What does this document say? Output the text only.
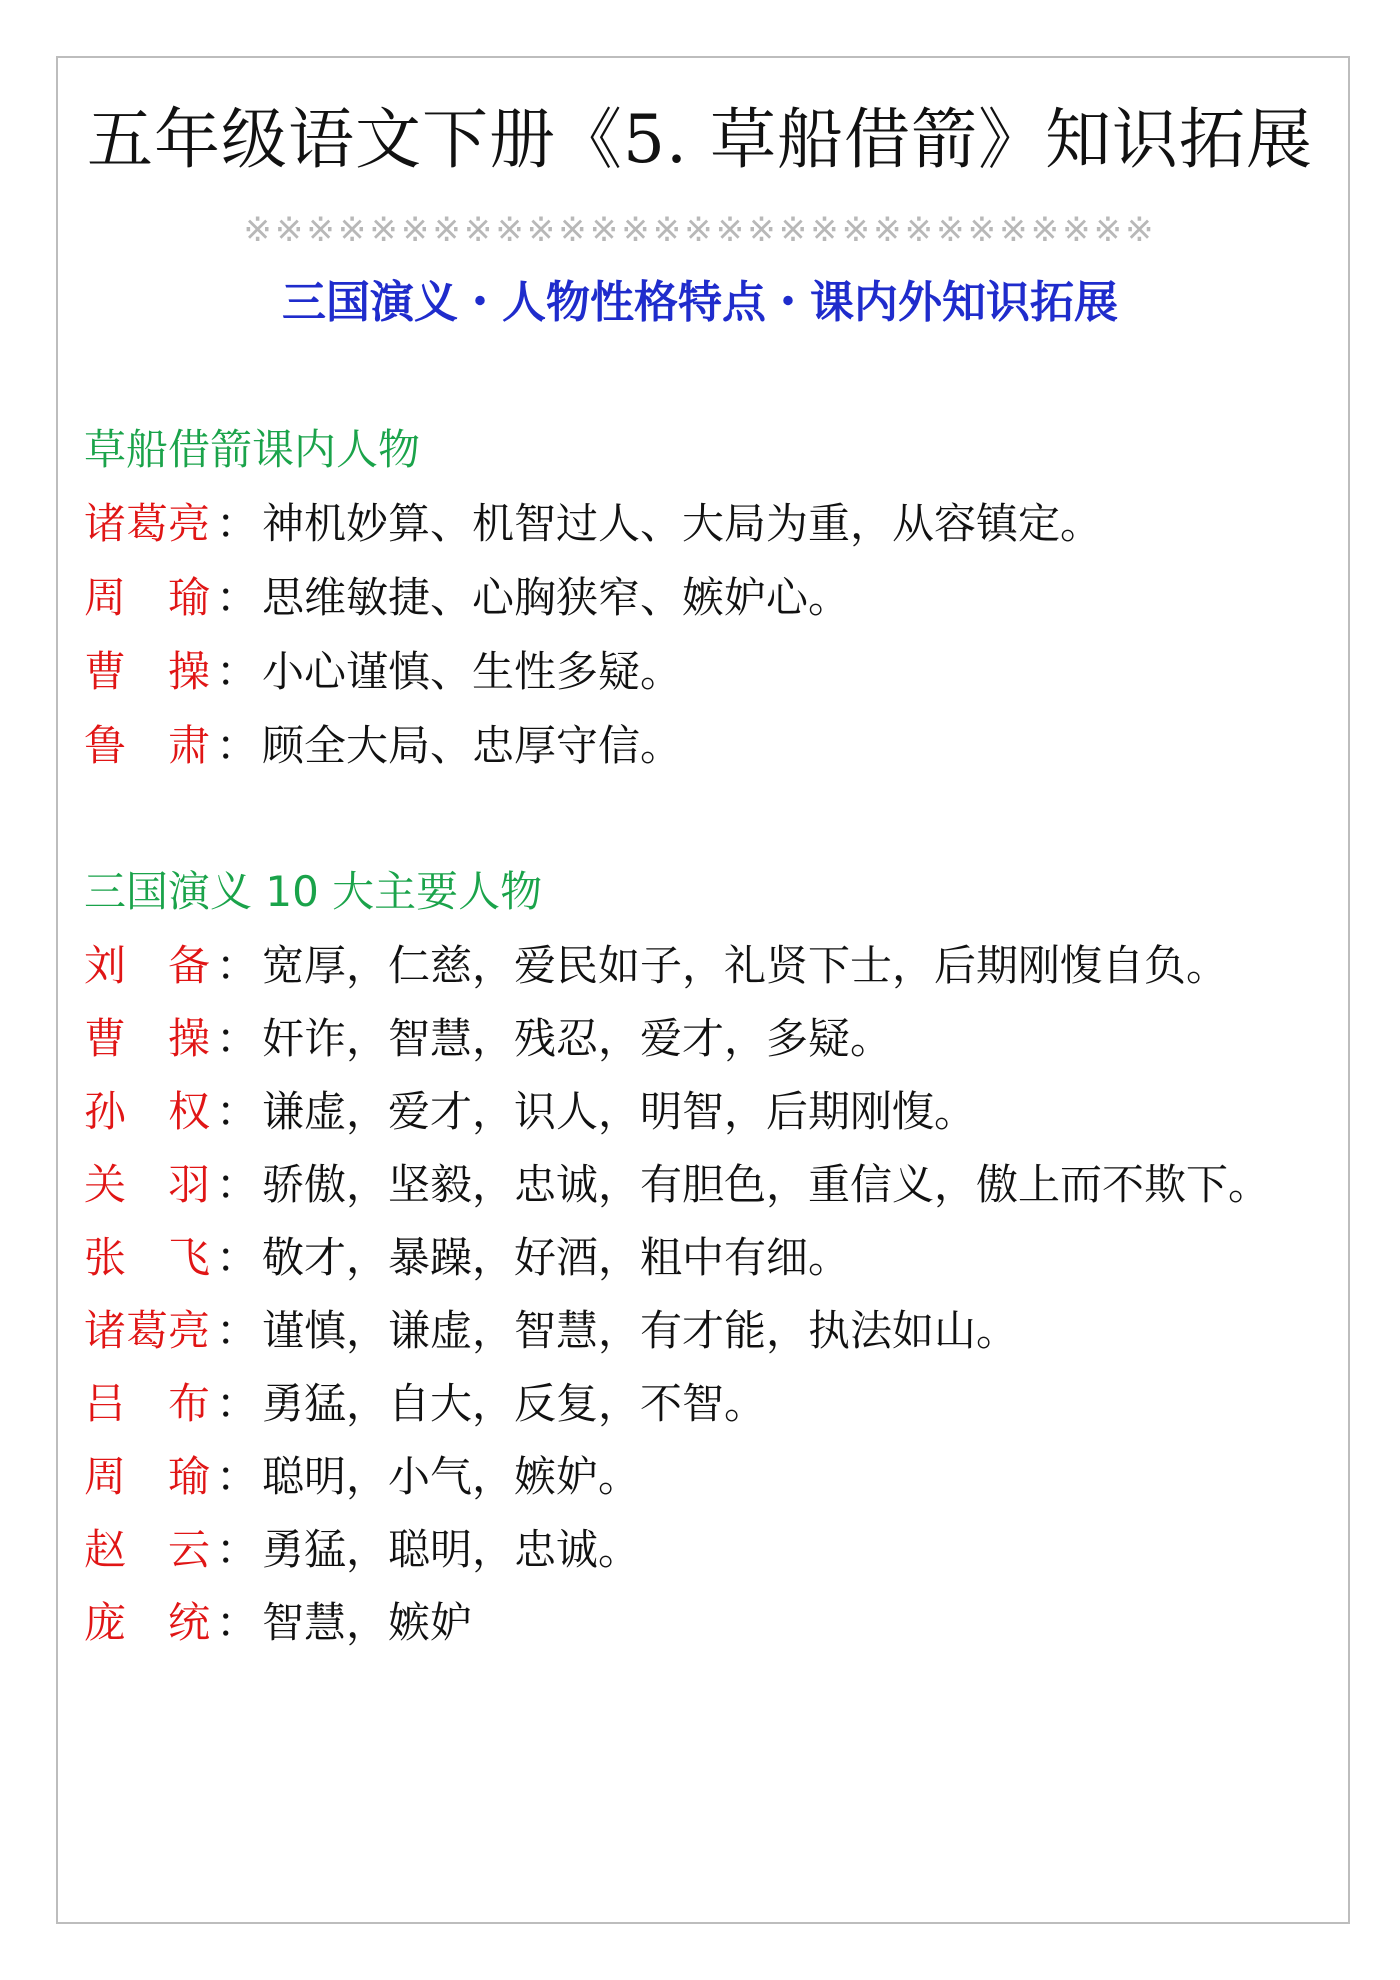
五年级语文下册《5. 草船借箭》知识拓展
※※※※※※※※※※※※※※※※※※※※※※※※※※※※※
三国演义・人物性格特点・课内外知识拓展
草船借箭课内人物
诸葛亮 ： 神机妙算、机智过人、大局为重，从容镇定。
周　瑜 ： 思维敏捷、心胸狭窄、嫉妒心。
曹　操 ： 小心谨慎、生性多疑。
鲁　肃 ： 顾全大局、忠厚守信。
三国演义 10 大主要人物
刘　备 ： 宽厚，仁慈，爱民如子，礼贤下士，后期刚愎自负。
曹　操 ： 奸诈，智慧，残忍，爱才，多疑。
孙　权 ： 谦虚，爱才，识人，明智，后期刚愎。
关　羽 ： 骄傲，坚毅，忠诚，有胆色，重信义，傲上而不欺下。
张　飞 ： 敬才，暴躁，好酒，粗中有细。
诸葛亮 ： 谨慎，谦虚，智慧，有才能，执法如山。
吕　布 ： 勇猛，自大，反复，不智。
周　瑜 ： 聪明，小气，嫉妒。
赵　云 ： 勇猛，聪明，忠诚。
庞　统 ： 智慧，嫉妒
